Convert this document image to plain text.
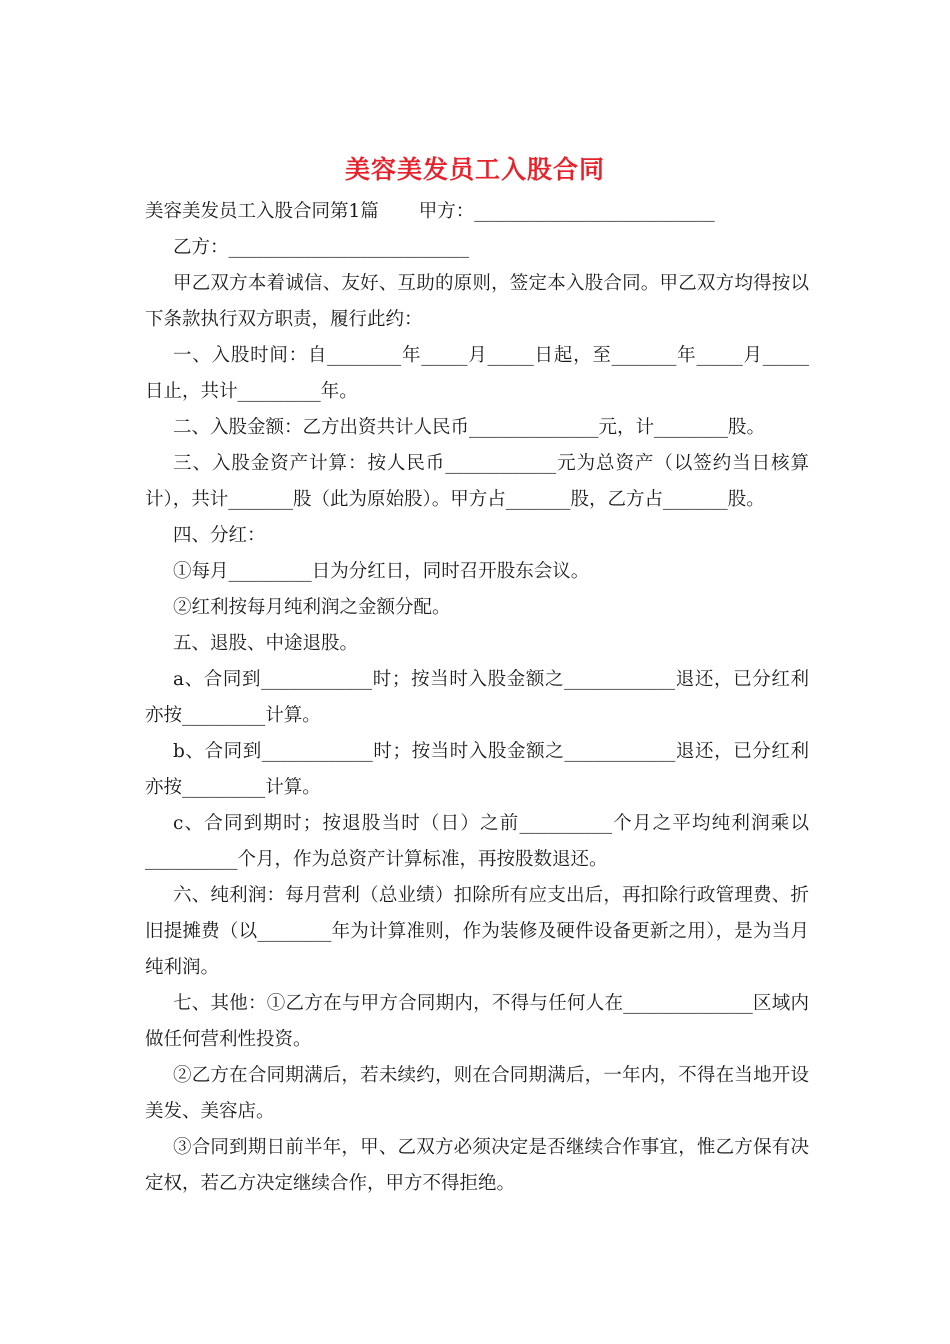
美容美发员工入股合同

美容美发员工入股合同第1篇 甲方：__________________________

乙方：__________________________

甲乙双方本着诚信、友好、互助的原则，签定本入股合同。甲乙双方均得按以下条款执行双方职责，履行此约：

一、入股时间：自________年_____月_____日起，至_______年_____月_____日止，共计_________年。

二、入股金额：乙方出资共计人民币______________元，计________股。

三、入股金资产计算：按人民币____________元为总资产（以签约当日核算计），共计_______股（此为原始股）。甲方占_______股，乙方占_______股。

四、分红：

①每月_________日为分红日，同时召开股东会议。

②红利按每月纯利润之金额分配。

五、退股、中途退股。

a、合同到____________时；按当时入股金额之____________退还，已分红利亦按_________计算。

b、合同到____________时；按当时入股金额之____________退还，已分红利亦按_________计算。

c、合同到期时；按退股当时（日）之前__________个月之平均纯利润乘以__________个月，作为总资产计算标准，再按股数退还。

六、纯利润：每月营利（总业绩）扣除所有应支出后，再扣除行政管理费、折旧提摊费（以________年为计算准则，作为装修及硬件设备更新之用），是为当月纯利润。

七、其他：①乙方在与甲方合同期内，不得与任何人在______________区域内做任何营利性投资。

②乙方在合同期满后，若未续约，则在合同期满后，一年内，不得在当地开设美发、美容店。

③合同到期日前半年，甲、乙双方必须决定是否继续合作事宜，惟乙方保有决定权，若乙方决定继续合作，甲方不得拒绝。
